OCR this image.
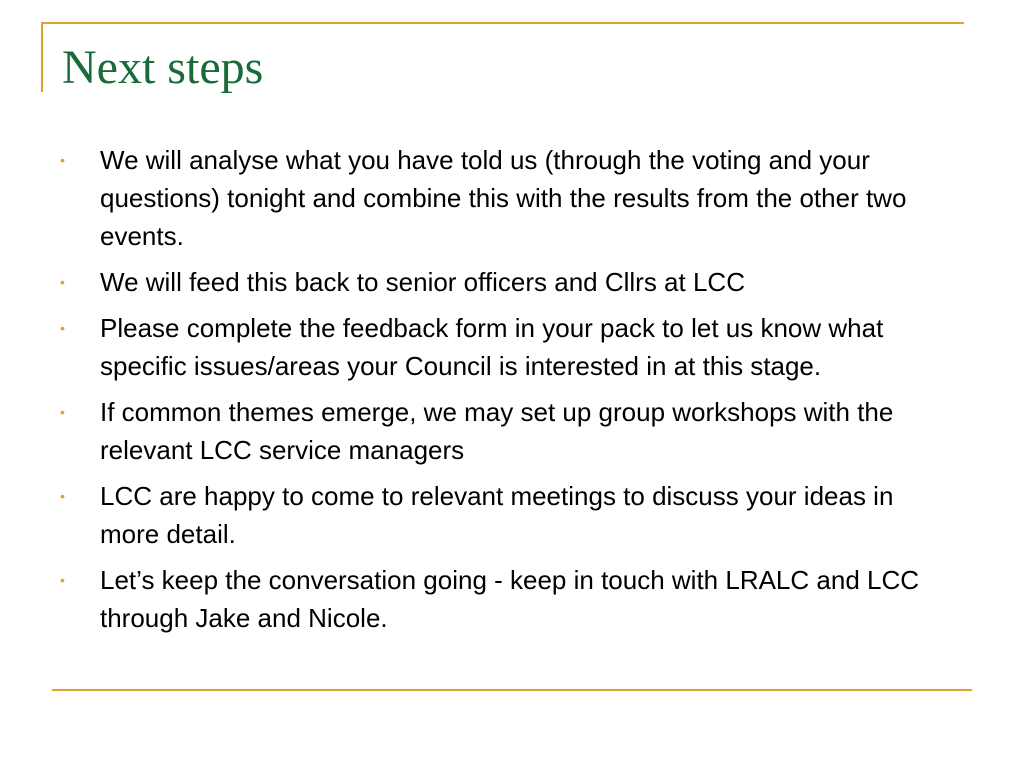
Next steps
• We will analyse what you have told us (through the voting and your questions) tonight and combine this with the results from the other two events.
• We will feed this back to senior officers and Cllrs at LCC
• Please complete the feedback form in your pack to let us know what specific issues/areas your Council is interested in at this stage.
• If common themes emerge, we may set up group workshops with the relevant LCC service managers
• LCC are happy to come to relevant meetings to discuss your ideas in more detail.
• Let’s keep the conversation going - keep in touch with LRALC and LCC through Jake and Nicole.
